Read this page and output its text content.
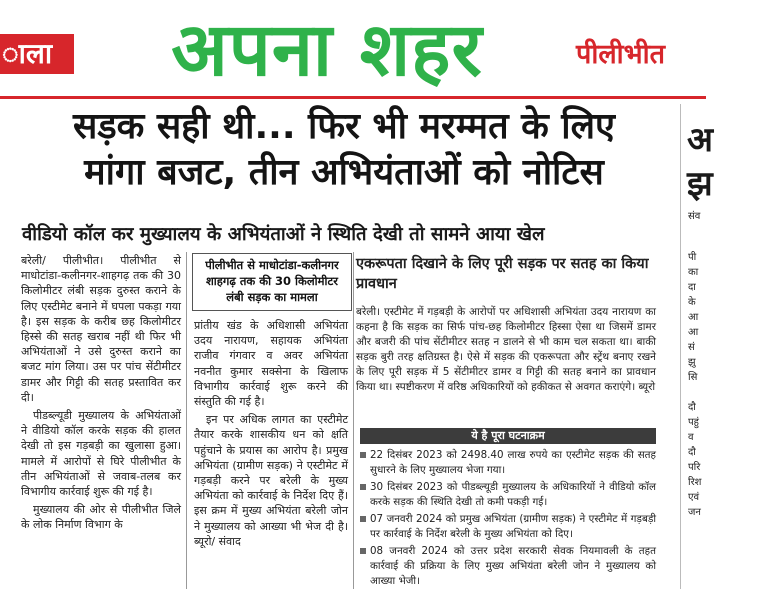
ाला	अपना शहर	पीलीभीत
सड़क सही थी... फिर भी मरम्मत के लिए
मांगा बजट, तीन अभियंताओं को नोटिस
वीडियो कॉल कर मुख्यालय के अभियंताओं ने स्थिति देखी तो सामने आया खेल

बरेली/ पीलीभीत। पीलीभीत से माधोटांडा-कलीनगर-शाहगढ़ तक की 30 किलोमीटर लंबी सड़क दुरुस्त कराने के लिए एस्टीमेट बनाने में घपला पकड़ा गया है। इस सड़क के करीब छह किलोमीटर हिस्से की सतह खराब नहीं थी फिर भी अभियंताओं ने उसे दुरुस्त कराने का बजट मांग लिया। उस पर पांच सेंटीमीटर डामर और गिट्टी की सतह प्रस्तावित कर दी।

पीडब्ल्यूडी मुख्यालय के अभियंताओं ने वीडियो कॉल करके सड़क की हालत देखी तो इस गड़बड़ी का खुलासा हुआ। मामले में आरोपों से घिरे पीलीभीत के तीन अभियंताओं से जवाब-तलब कर विभागीय कार्रवाई शुरू की गई है।

मुख्यालय की ओर से पीलीभीत जिले के लोक निर्माण विभाग के

पीलीभीत से माधोटांडा-कलीनगर शाहगढ़ तक की 30 किलोमीटर लंबी सड़क का मामला

प्रांतीय खंड के अधिशासी अभियंता उदय नारायण, सहायक अभियंता राजीव गंगवार व अवर अभियंता नवनीत कुमार सक्सेना के खिलाफ विभागीय कार्रवाई शुरू करने की संस्तुति की गई है।

इन पर अधिक लागत का एस्टीमेट तैयार करके शासकीय धन को क्षति पहुंचाने के प्रयास का आरोप है। प्रमुख अभियंता (ग्रामीण सड़क) ने एस्टीमेट में गड़बड़ी करने पर बरेली के मुख्य अभियंता को कार्रवाई के निर्देश दिए हैं। इस क्रम में मुख्य अभियंता बरेली जोन ने मुख्यालय को आख्या भी भेज दी है। ब्यूरो/ संवाद

एकरूपता दिखाने के लिए पूरी सड़क पर सतह का किया प्रावधान
बरेली। एस्टीमेट में गड़बड़ी के आरोपों पर अधिशासी अभियंता उदय नारायण का कहना है कि सड़क का सिर्फ पांच-छह किलोमीटर हिस्सा ऐसा था जिसमें डामर और बजरी की पांच सेंटीमीटर सतह न डालने से भी काम चल सकता था। बाकी सड़क बुरी तरह क्षतिग्रस्त है। ऐसे में सड़क की एकरूपता और स्ट्रेंथ बनाए रखने के लिए पूरी सड़क में 5 सेंटीमीटर डामर व गिट्टी की सतह बनाने का प्रावधान किया था। स्पष्टीकरण में वरिष्ठ अधिकारियों को हकीकत से अवगत कराएंगे। ब्यूरो
ये है पूरा घटनाक्रम
22 दिसंबर 2023 को 2498.40 लाख रुपये का एस्टीमेट सड़क की सतह सुधारने के लिए मुख्यालय भेजा गया।
30 दिसंबर 2023 को पीडब्ल्यूडी मुख्यालय के अधिकारियों ने वीडियो कॉल करके सड़क की स्थिति देखी तो कमी पकड़ी गई।
07 जनवरी 2024 को प्रमुख अभियंता (ग्रामीण सड़क) ने एस्टीमेट में गड़बड़ी पर कार्रवाई के निर्देश बरेली के मुख्य अभियंता को दिए।
08 जनवरी 2024 को उत्तर प्रदेश सरकारी सेवक नियमावली के तहत कार्रवाई की प्रक्रिया के लिए मुख्य अभियंता बरेली जोन ने मुख्यालय को आख्या भेजी।
अ
झ
संव
पी
का
दा
के
आ
आ
सं
झु
सि

दौ
पहुं
व
दौ
परि
रिश
एवं
जन
